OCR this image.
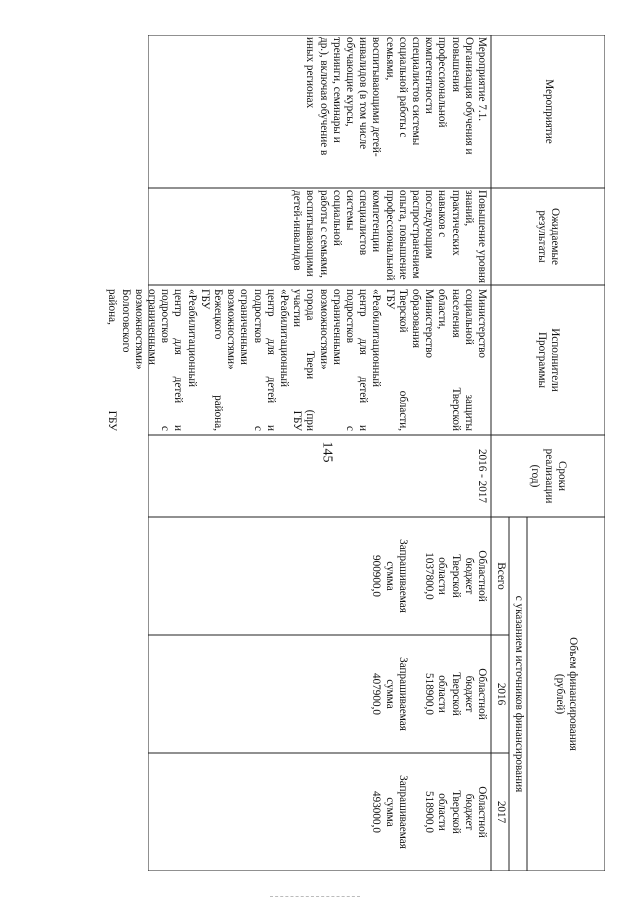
145
Мероприятие
Ожидаемые результаты
Исполнители Программы
Сроки реализации (год)
Объем финансирования (рублей)
с указанием источников финансирования
Всего
2016
2017

Мероприятие 7.1.

Организация обучения и

повышения

профессиональной

компетентности

специалистов системы

социальной работы с

семьями,

воспитывающими детей-

инвалидов (в том числе

обучающие курсы,

тренинги, семинары и

др.), включая обучение в

иных регионах

Повышение уровня

знаний, практических

навыков с

последующим

распространением

опыта, повышение

профессиональной

компетенции

специалистов

системы социальной

работы с семьями,

воспитывающими

детей-инвалидов

Министерство

социальной защиты

населения Тверской

области,

Министерство

образования

Тверской области,

ГБУ

«Реабилитационный

центр для детей и

подростков с

ограниченными

возможностями»

города Твери (при

участии ГБУ

«Реабилитационный

центр для детей и

подростков с

ограниченными

возможностями»

Бежецкого района,

ГБУ

«Реабилитационный

центр для детей и

подростков с

ограниченными

возможностями»

Бологовского

района, ГБУ

2016 - 2017

Областной

бюджет

Тверской

области

1037800,0

Запрашиваемая

сумма

900900,0

Областной

бюджет

Тверской

области

518900,0

Запрашиваемая

сумма

407900,0

Областной

бюджет

Тверской

области

518900,0

Запрашиваемая

сумма

493000,0
